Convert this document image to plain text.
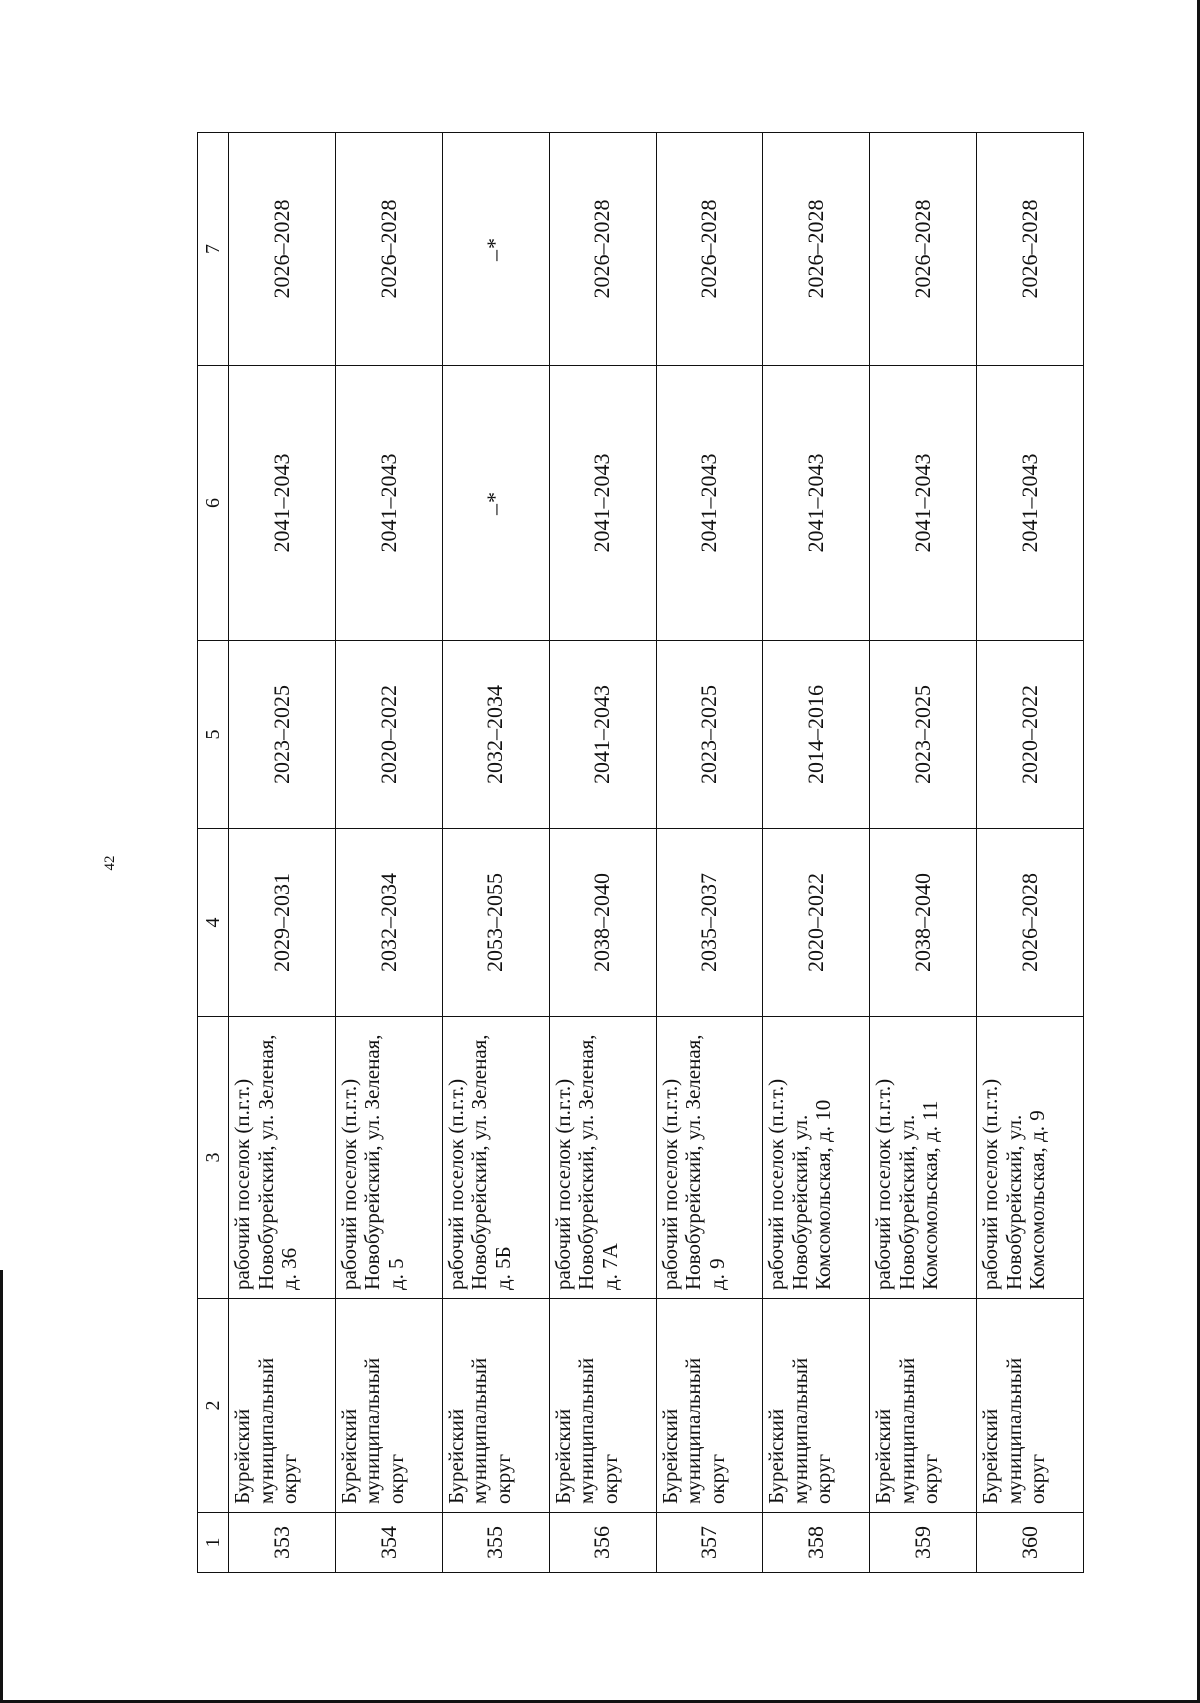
42
1	2	3	4	5	6	7
353	Бурейский муниципальный округ	рабочий поселок (п.г.т.) Новобурейский, ул. Зеленая, д. 36	2029–2031	2023–2025	2041–2043	2026–2028
354	Бурейский муниципальный округ	рабочий поселок (п.г.т.) Новобурейский, ул. Зеленая, д. 5	2032–2034	2020–2022	2041–2043	2026–2028
355	Бурейский муниципальный округ	рабочий поселок (п.г.т.) Новобурейский, ул. Зеленая, д. 5Б	2053–2055	2032–2034	–*	–*
356	Бурейский муниципальный округ	рабочий поселок (п.г.т.) Новобурейский, ул. Зеленая, д. 7А	2038–2040	2041–2043	2041–2043	2026–2028
357	Бурейский муниципальный округ	рабочий поселок (п.г.т.) Новобурейский, ул. Зеленая, д. 9	2035–2037	2023–2025	2041–2043	2026–2028
358	Бурейский муниципальный округ	рабочий поселок (п.г.т.) Новобурейский, ул. Комсомольская, д. 10	2020–2022	2014–2016	2041–2043	2026–2028
359	Бурейский муниципальный округ	рабочий поселок (п.г.т.) Новобурейский, ул. Комсомольская, д. 11	2038–2040	2023–2025	2041–2043	2026–2028
360	Бурейский муниципальный округ	рабочий поселок (п.г.т.) Новобурейский, ул. Комсомольская, д. 9	2026–2028	2020–2022	2041–2043	2026–2028
